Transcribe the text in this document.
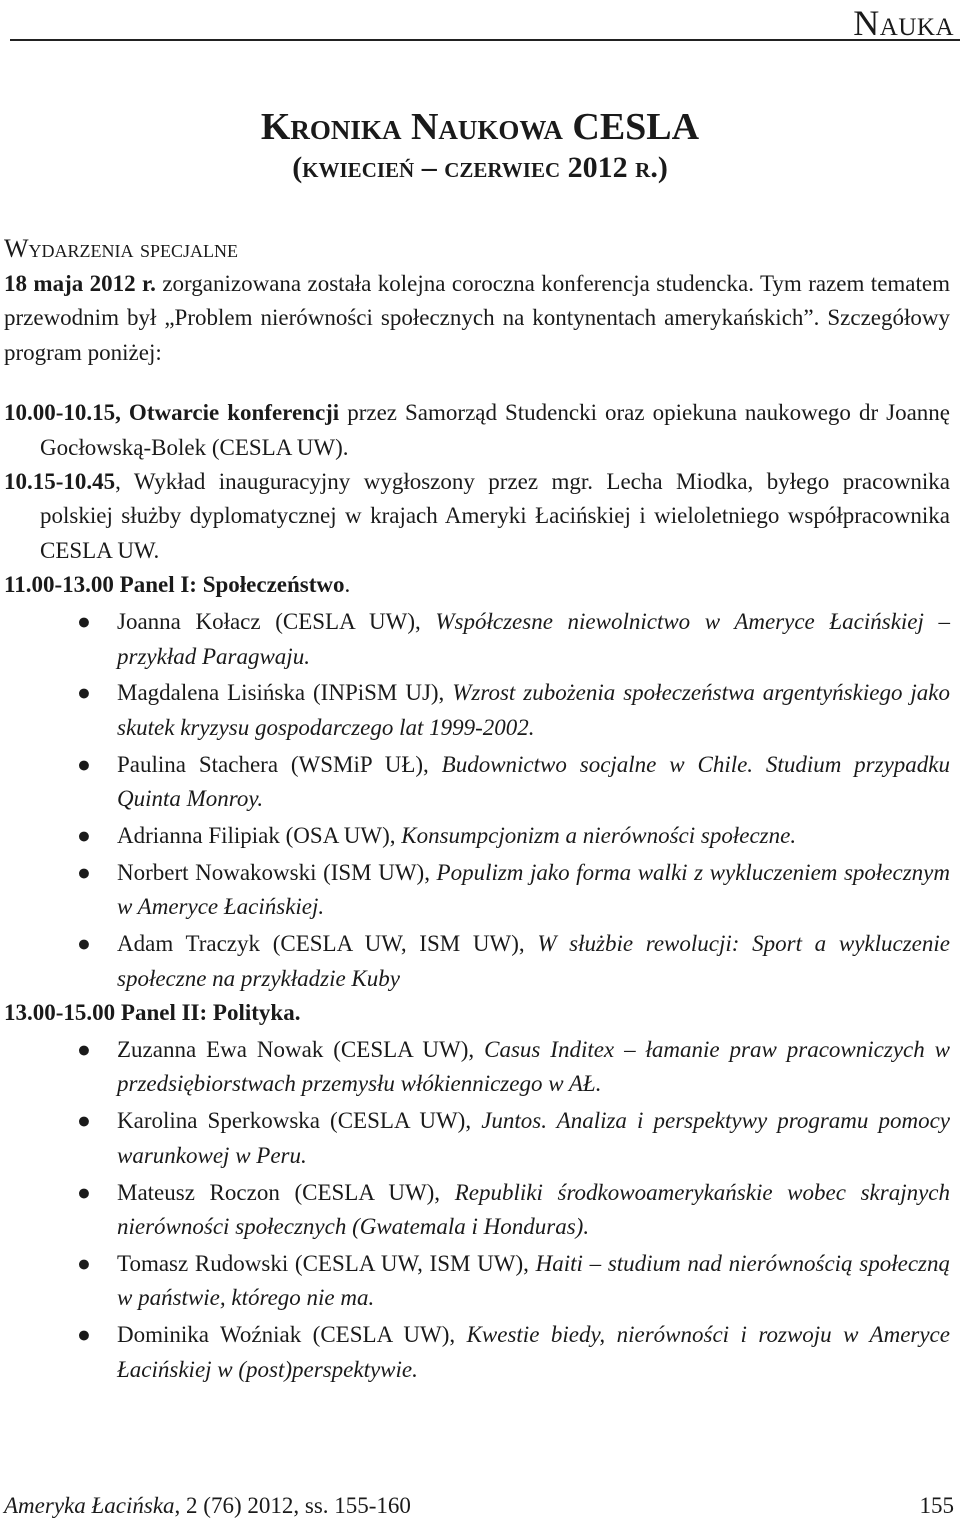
Nauka
Kronika Naukowa CESLA
(kwiecień – czerwiec 2012 r.)
Wydarzenia specjalne

18 maja 2012 r. zorganizowana została kolejna coroczna konferencja studencka. Tym razem tematem przewodnim był „Problem nierówności społecznych na kontynentach amerykańskich”. Szczegółowy program poniżej:

10.00-10.15, Otwarcie konferencji przez Samorząd Studencki oraz opiekuna naukowego dr Joannę Gocłowską-Bolek (CESLA UW).

10.15-10.45, Wykład inauguracyjny wygłoszony przez mgr. Lecha Miodka, byłego pracownika polskiej służby dyplomatycznej w krajach Ameryki Łacińskiej i wieloletniego współpracownika CESLA UW.

11.00-13.00 Panel I: Społeczeństwo.

● Joanna Kołacz (CESLA UW), Współczesne niewolnictwo w Ameryce Łacińskiej – przykład Paragwaju.
● Magdalena Lisińska (INPiSM UJ), Wzrost zubożenia społeczeństwa argentyńskiego jako skutek kryzysu gospodarczego lat 1999-2002.
● Paulina Stachera (WSMiP UŁ), Budownictwo socjalne w Chile. Studium przypadku Quinta Monroy.
● Adrianna Filipiak (OSA UW), Konsumpcjonizm a nierówności społeczne.
● Norbert Nowakowski (ISM UW), Populizm jako forma walki z wykluczeniem społecznym w Ameryce Łacińskiej.
● Adam Traczyk (CESLA UW, ISM UW), W służbie rewolucji: Sport a wykluczenie społeczne na przykładzie Kuby

13.00-15.00 Panel II: Polityka.

● Zuzanna Ewa Nowak (CESLA UW), Casus Inditex – łamanie praw pracowniczych w przedsiębiorstwach przemysłu włókienniczego w AŁ.
● Karolina Sperkowska (CESLA UW), Juntos. Analiza i perspektywy programu pomocy warunkowej w Peru.
● Mateusz Roczon (CESLA UW), Republiki środkowoamerykańskie wobec skrajnych nierówności społecznych (Gwatemala i Honduras).
● Tomasz Rudowski (CESLA UW, ISM UW), Haiti – studium nad nierównością społeczną w państwie, którego nie ma.
● Dominika Woźniak (CESLA UW), Kwestie biedy, nierówności i rozwoju w Ameryce Łacińskiej w (post)perspektywie.
Ameryka Łacińska, 2 (76) 2012, ss. 155-160	155
